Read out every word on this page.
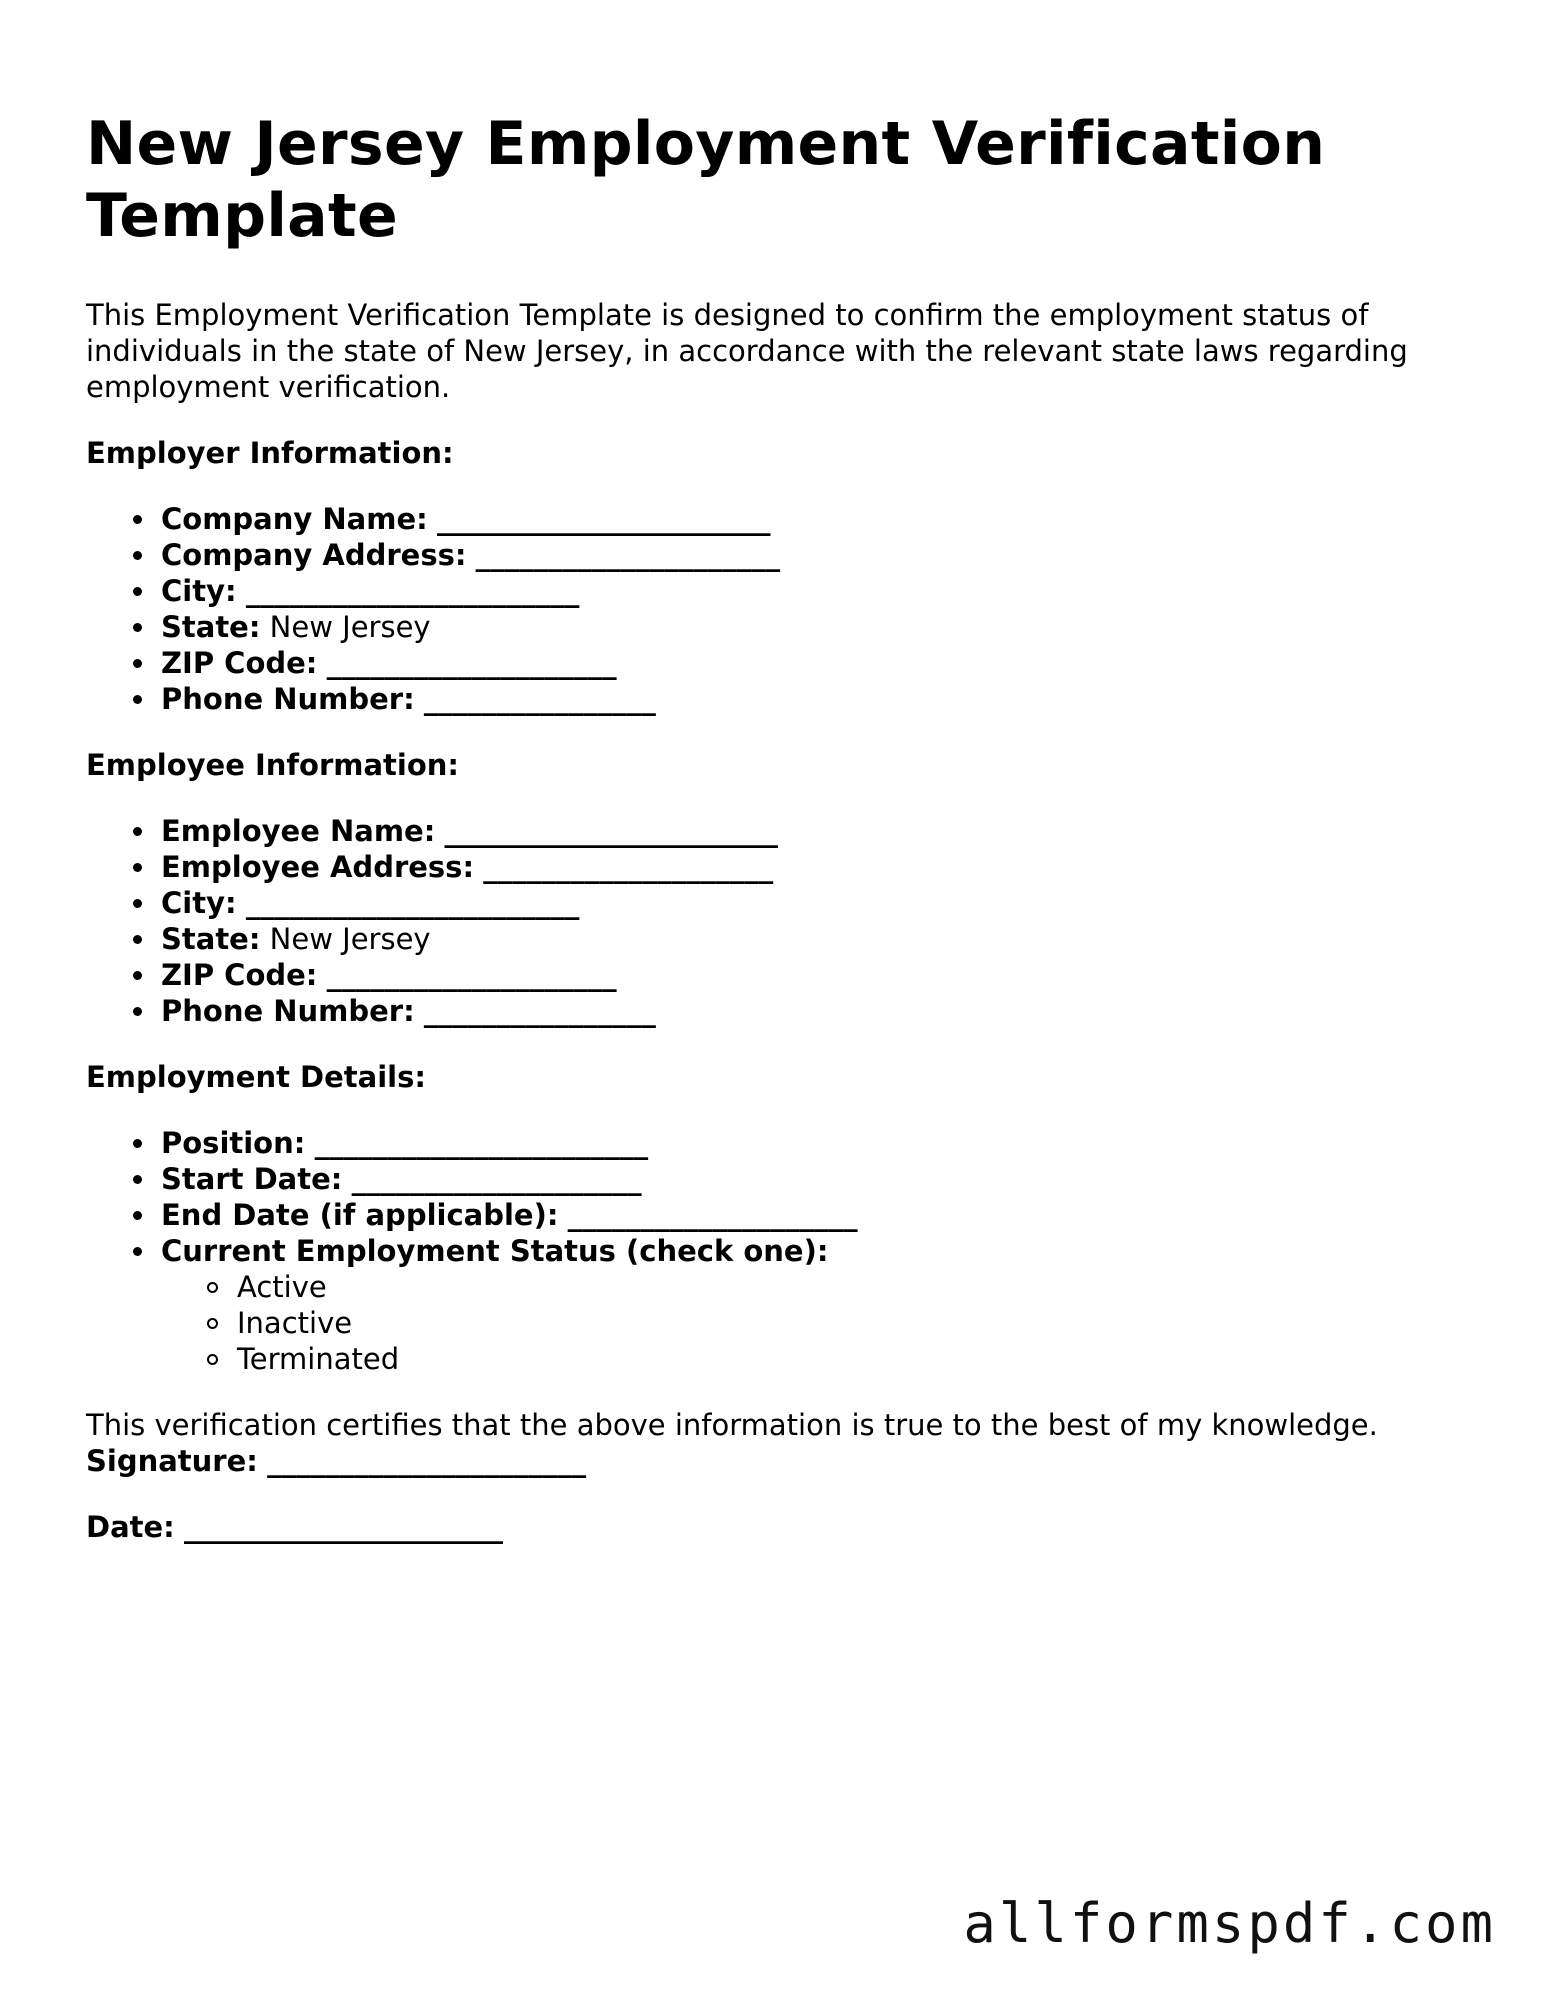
New Jersey Employment Verification Template

This Employment Verification Template is designed to confirm the employment status of individuals in the state of New Jersey, in accordance with the relevant state laws regarding employment verification.

Employer Information:
Company Name: _______________________
Company Address: _____________________
City: _______________________
State: New Jersey
ZIP Code: ____________________
Phone Number: ________________
Employee Information:
Employee Name: _______________________
Employee Address: ____________________
City: _______________________
State: New Jersey
ZIP Code: ____________________
Phone Number: ________________
Employment Details:
Position: _______________________
Start Date: ____________________
End Date (if applicable): ____________________
Current Employment Status (check one):
Active
Inactive
Terminated

This verification certifies that the above information is true to the best of my knowledge.

Signature: ______________________
Date: ______________________
allformspdf.com
